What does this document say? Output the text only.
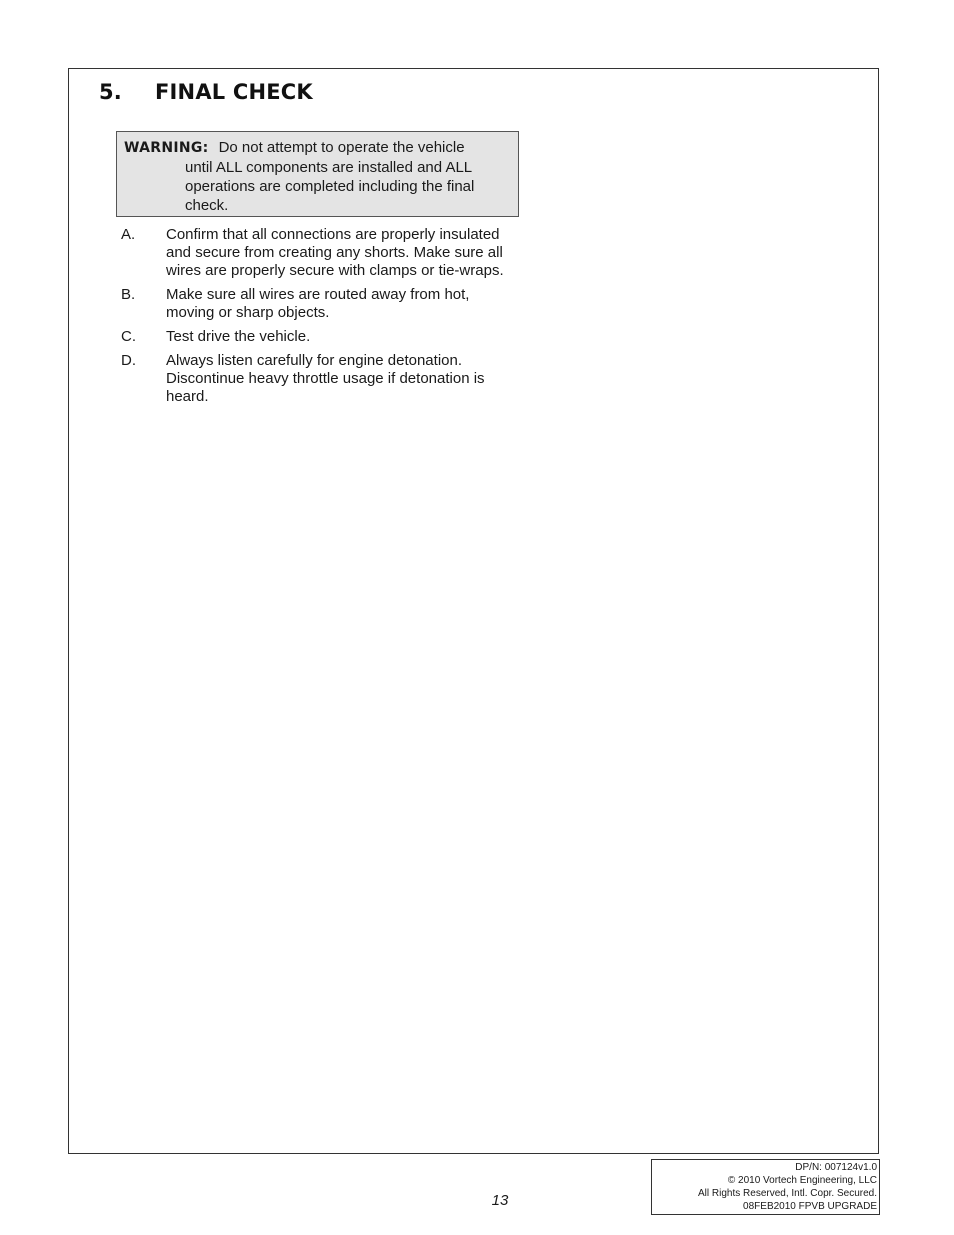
5. FINAL CHECK
WARNING: Do not attempt to operate the vehicle
until ALL components are installed and ALL operations are completed including the final check.
A.	Confirm that all connections are properly insulated and secure from creating any shorts. Make sure all wires are properly secure with clamps or tie-wraps.
B.	Make sure all wires are routed away from hot, moving or sharp objects.
C.	Test drive the vehicle.
D.	Always listen carefully for engine detonation. Discontinue heavy throttle usage if detonation is heard.
13
DP/N: 007124v1.0
© 2010 Vortech Engineering, LLC
All Rights Reserved, Intl. Copr. Secured.
08FEB2010 FPVB UPGRADE
